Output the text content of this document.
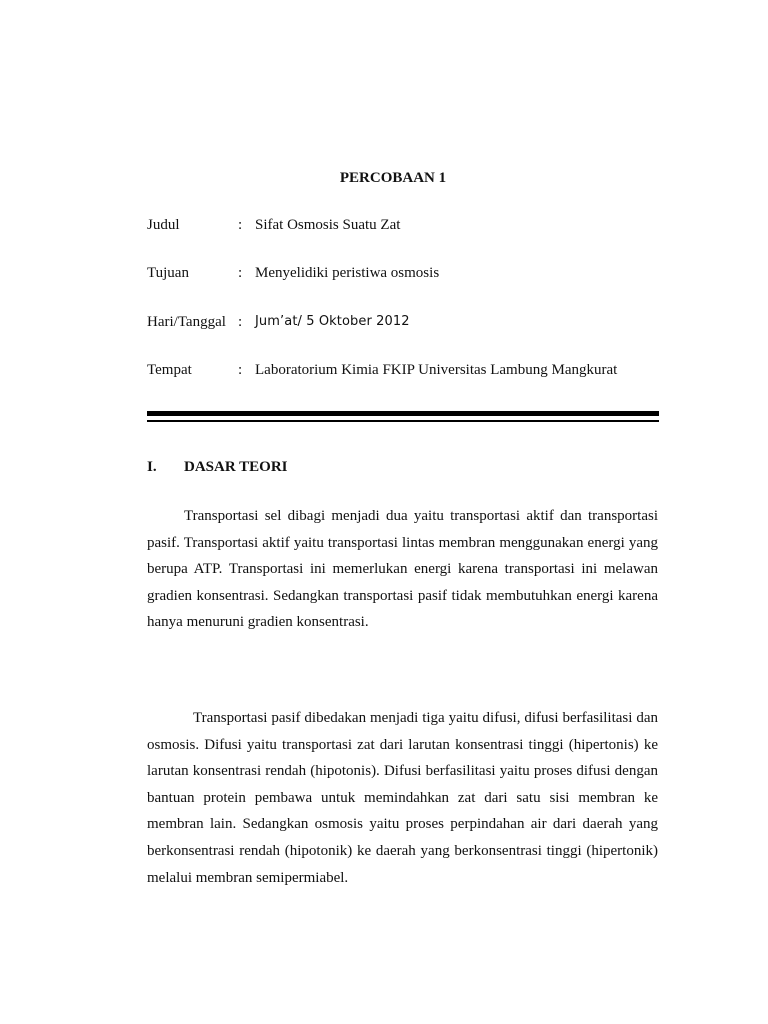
PERCOBAAN 1
Judul	: Sifat Osmosis Suatu Zat
Tujuan	: Menyelidiki peristiwa osmosis
Hari/Tanggal : Jum’at/ 5 Oktober 2012
Tempat	: Laboratorium Kimia FKIP Universitas Lambung Mangkurat
I. DASAR TEORI

Transportasi sel dibagi menjadi dua yaitu transportasi aktif dan transportasi pasif. Transportasi aktif yaitu transportasi lintas membran menggunakan energi yang berupa ATP. Transportasi ini memerlukan energi karena transportasi ini melawan gradien konsentrasi. Sedangkan transportasi pasif tidak membutuhkan energi karena hanya menuruni gradien konsentrasi.

Transportasi pasif dibedakan menjadi tiga yaitu difusi, difusi berfasilitasi dan osmosis. Difusi yaitu transportasi zat dari larutan konsentrasi tinggi (hipertonis) ke larutan konsentrasi rendah (hipotonis). Difusi berfasilitasi yaitu proses difusi dengan bantuan protein pembawa untuk memindahkan zat dari satu sisi membran ke membran lain. Sedangkan osmosis yaitu proses perpindahan air dari daerah yang berkonsentrasi rendah (hipotonik) ke daerah yang berkonsentrasi tinggi (hipertonik) melalui membran semipermiabel.
